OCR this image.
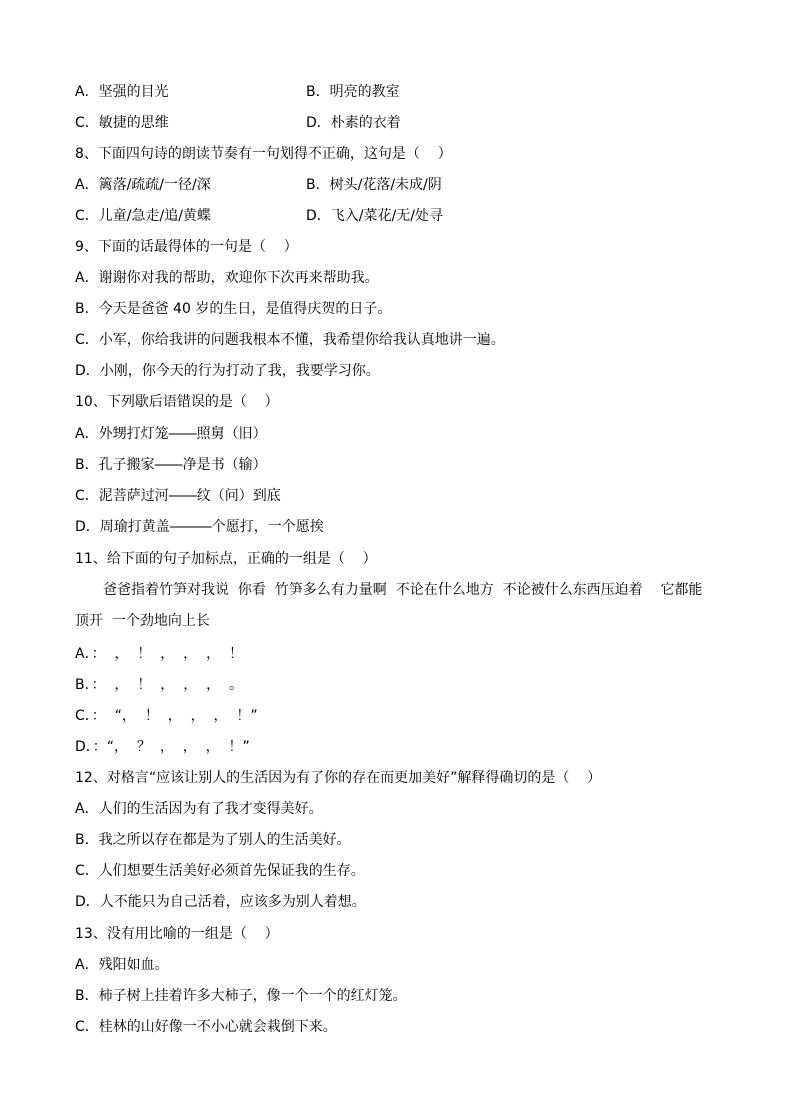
A．坚强的目光	B．明亮的教室
C．敏捷的思维	D．朴素的衣着
8、下面四句诗的朗读节奏有一句划得不正确，这句是（    ）
A．篱落/疏疏/一径/深	B．树头/花落/未成/阴
C．儿童/急走/追/黄蝶	D．飞入/菜花/无/处寻
9、下面的话最得体的一句是（    ）
A．谢谢你对我的帮助，欢迎你下次再来帮助我。
B．今天是爸爸 40 岁的生日，是值得庆贺的日子。
C．小军，你给我讲的问题我根本不懂，我希望你给我认真地讲一遍。
D．小刚，你今天的行为打动了我，我要学习你。
10、下列歇后语错误的是（    ）
A．外甥打灯笼――照舅（旧）
B．孔子搬家――净是书（输）
C．泥菩萨过河――纹（问）到底
D．周瑜打黄盖―――个愿打，一个愿挨
11、给下面的句子加标点，正确的一组是（    ）
爸爸指着竹笋对我说  你看  竹笋多么有力量啊  不论在什么地方  不论被什么东西压迫着    它都能顶开  一个劲地向上长
A．：  ，  ！  ，  ，  ，  ！
B．：  ，  ！  ，  ，  ，  。
C．：  “，  ！  ，  ，  ，  ！”
D．：“，  ？  ，  ，  ，  ！”
12、对格言“应该让别人的生活因为有了你的存在而更加美好”解释得确切的是（    ）
A．人们的生活因为有了我才变得美好。
B．我之所以存在都是为了别人的生活美好。
C．人们想要生活美好必须首先保证我的生存。
D．人不能只为自己活着，应该多为别人着想。
13、没有用比喻的一组是（    ）
A．残阳如血。
B．柿子树上挂着许多大柿子，像一个一个的红灯笼。
C．桂林的山好像一不小心就会栽倒下来。
